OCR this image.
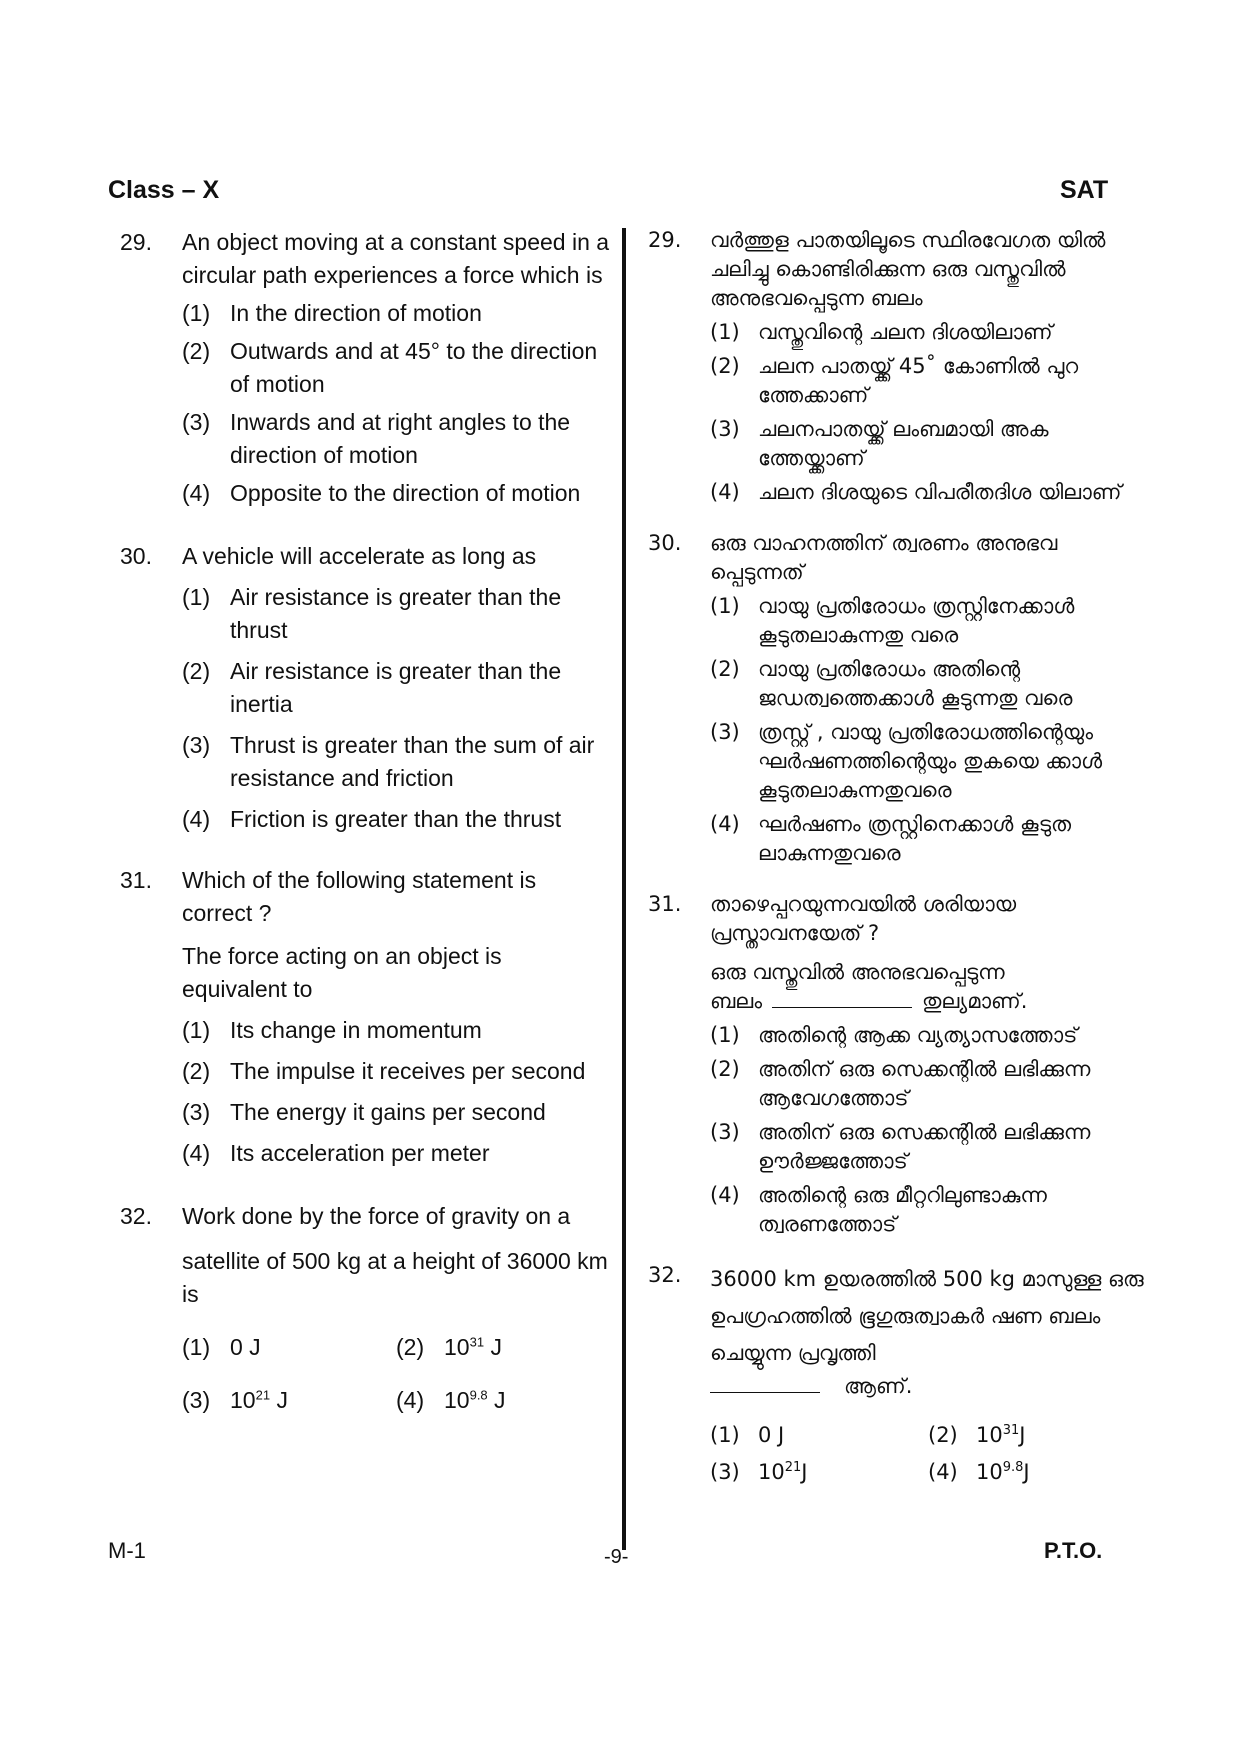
Class – X	SAT
29. An object moving at a constant speed in a circular path experiences a force which is
(1) In the direction of motion
(2) Outwards and at 45° to the direction of motion
(3) Inwards and at right angles to the direction of motion
(4) Opposite to the direction of motion
30. A vehicle will accelerate as long as
(1) Air resistance is greater than the thrust
(2) Air resistance is greater than the inertia
(3) Thrust is greater than the sum of air resistance and friction
(4) Friction is greater than the thrust
31. Which of the following statement is correct ?
The force acting on an object is equivalent to
(1) Its change in momentum
(2) The impulse it receives per second
(3) The energy it gains per second
(4) Its acceleration per meter
32. Work done by the force of gravity on a
satellite of 500 kg at a height of 36000 km is
(1) 0 J	(2) $10^{31}$ J
(3) $10^{21}$ J	(4) $10^{9.8}$ J
29. വർത്തുള പാതയിലൂടെ സ്ഥിരവേഗത യിൽ ചലിച്ചു കൊണ്ടിരിക്കുന്ന ഒരു വസ്തുവിൽ അനുഭവപ്പെടുന്ന ബലം
(1) വസ്തുവിന്റെ ചലന ദിശയിലാണ്
(2) ചലന പാതയ്ക്ക് 45˚ കോണിൽ പുറ ത്തേക്കാണ്
(3) ചലനപാതയ്ക്ക് ലംബമായി അക ത്തേയ്ക്കാണ്
(4) ചലന ദിശയുടെ വിപരീതദിശ യിലാണ്
30. ഒരു വാഹനത്തിന് ത്വരണം അനുഭവ പ്പെടുന്നത്
(1) വായു പ്രതിരോധം ത്രസ്റ്റിനേക്കാൾ കൂടുതലാകുന്നതു വരെ
(2) വായു പ്രതിരോധം അതിന്റെ ജഡത്വത്തെക്കാൾ കൂടുന്നതു വരെ
(3) ത്രസ്റ്റ് , വായു പ്രതിരോധത്തിന്റെയും ഘർഷണത്തിന്റെയും തുകയെ ക്കാൾ കൂടുതലാകുന്നതുവരെ
(4) ഘർഷണം ത്രസ്റ്റിനെക്കാൾ കൂടുത ലാകുന്നതുവരെ
31. താഴെപ്പറയുന്നവയിൽ ശരിയായ പ്രസ്താവനയേത് ?
ഒരു വസ്തുവിൽ അനുഭവപ്പെടുന്ന
ബലം	തുല്യമാണ്.
(1) അതിന്റെ ആക്ക വ്യത്യാസത്തോട്
(2) അതിന് ഒരു സെക്കന്റിൽ ലഭിക്കുന്ന ആവേഗത്തോട്
(3) അതിന് ഒരു സെക്കന്റിൽ ലഭിക്കുന്ന ഊർജ്ജത്തോട്
(4) അതിന്റെ ഒരു മീറ്ററിലുണ്ടാകുന്ന ത്വരണത്തോട്
32. 36000 km ഉയരത്തിൽ 500 kg മാസുള്ള ഒരു ഉപഗ്രഹത്തിൽ ഭൂഗുരുത്വാകർ ഷണ ബലം ചെയ്യുന്ന പ്രവൃത്തി
ആണ്.
(1) 0 J	(2) $10^{31}J$
(3) $10^{21}J$	(4) $10^{9.8}J$
M-1	-9-	P.T.O.
